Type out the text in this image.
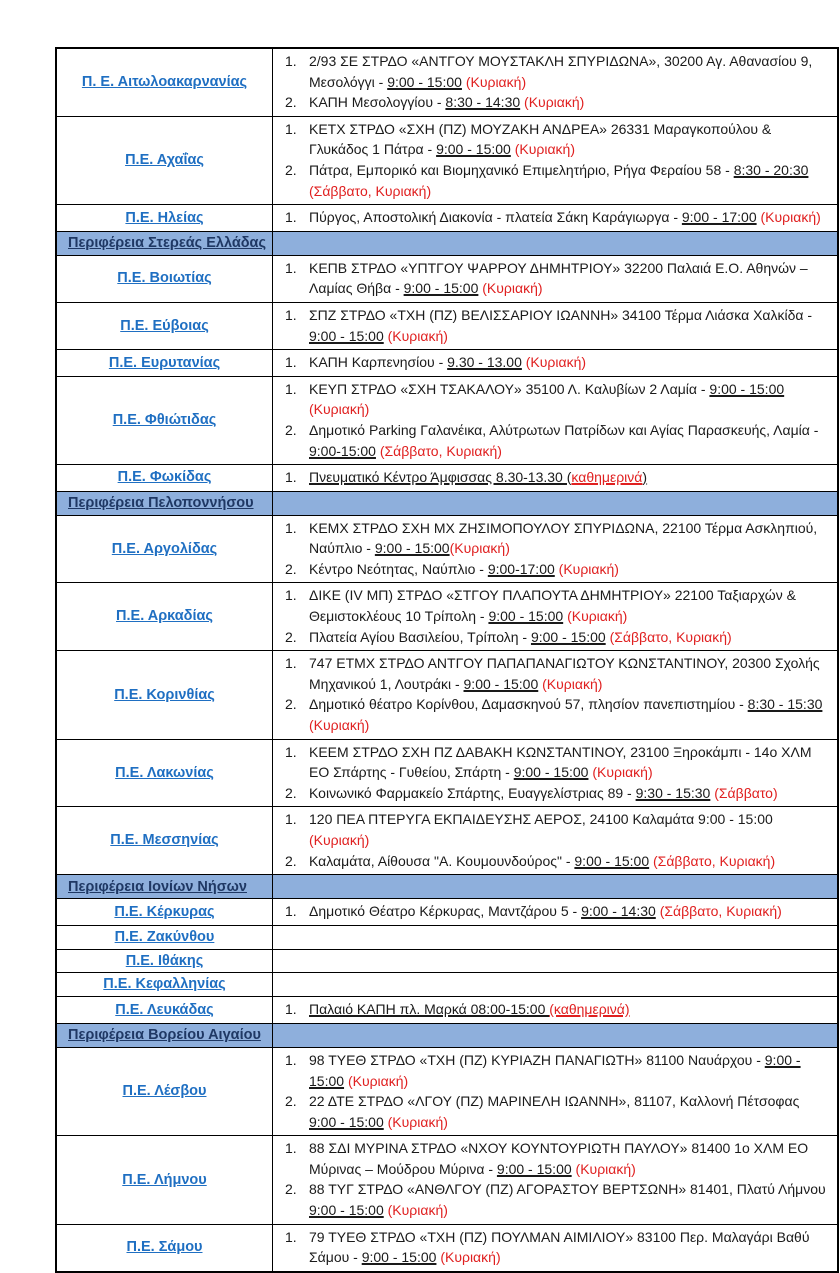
Π. Ε. Αιτωλοακαρνανίας
1. 2/93 ΣΕ ΣΤΡΔΟ «ΑΝΤΓΟΥ ΜΟΥΣΤΑΚΛΗ ΣΠΥΡΙΔΩΝΑ», 30200 Αγ. Αθανασίου 9, Μεσολόγγι - 9:00 - 15:00 (Κυριακή)
2. ΚΑΠΗ Μεσολογγίου - 8:30 - 14:30 (Κυριακή)
Π.Ε. Αχαΐας
1. ΚΕΤΧ ΣΤΡΔΟ «ΣΧΗ (ΠΖ) ΜΟΥΖΑΚΗ ΑΝΔΡΕΑ» 26331 Μαραγκοπούλου & Γλυκάδος 1 Πάτρα - 9:00 - 15:00 (Κυριακή)
2. Πάτρα, Εμπορικό και Βιομηχανικό Επιμελητήριο, Ρήγα Φεραίου 58 - 8:30 - 20:30 (Σάββατο, Κυριακή)
Π.Ε. Ηλείας	1. Πύργος, Αποστολική Διακονία - πλατεία Σάκη Καράγιωργα - 9:00 - 17:00 (Κυριακή)
Περιφέρεια Στερεάς Ελλάδας
Π.Ε. Βοιωτίας
1. ΚΕΠΒ ΣΤΡΔΟ «ΥΠΤΓΟΥ ΨΑΡΡΟΥ ΔΗΜΗΤΡΙΟΥ» 32200 Παλαιά Ε.Ο. Αθηνών – Λαμίας Θήβα - 9:00 - 15:00 (Κυριακή)
Π.Ε. Εύβοιας
1. ΣΠΖ ΣΤΡΔΟ «ΤΧΗ (ΠΖ) ΒΕΛΙΣΣΑΡΙΟΥ ΙΩΑΝΝΗ» 34100 Τέρμα Λιάσκα Χαλκίδα - 9:00 - 15:00 (Κυριακή)
Π.Ε. Ευρυτανίας	1. ΚΑΠΗ Καρπενησίου - 9.30 - 13.00 (Κυριακή)
Π.Ε. Φθιώτιδας
1. ΚΕΥΠ ΣΤΡΔΟ «ΣΧΗ ΤΣΑΚΑΛΟΥ» 35100 Λ. Καλυβίων 2 Λαμία - 9:00 - 15:00 (Κυριακή)
2. Δημοτικό Parking Γαλανέικα, Αλύτρωτων Πατρίδων και Αγίας Παρασκευής, Λαμία - 9:00-15:00 (Σάββατο, Κυριακή)
Π.Ε. Φωκίδας	1. Πνευματικό Κέντρο Άμφισσας 8.30-13.30 (καθημερινά)
Περιφέρεια Πελοποννήσου
Π.Ε. Αργολίδας
1. ΚΕΜΧ ΣΤΡΔΟ ΣΧΗ ΜΧ ΖΗΣΙΜΟΠΟΥΛΟΥ ΣΠΥΡΙΔΩΝΑ, 22100 Τέρμα Ασκληπιού, Ναύπλιο - 9:00 - 15:00(Κυριακή)
2. Κέντρο Νεότητας, Ναύπλιο - 9:00-17:00 (Κυριακή)
Π.Ε. Αρκαδίας
1. ΔΙΚΕ (IV ΜΠ) ΣΤΡΔΟ «ΣΤΓΟΥ ΠΛΑΠΟΥΤΑ ΔΗΜΗΤΡΙΟΥ» 22100 Ταξιαρχών & Θεμιστοκλέους 10 Τρίπολη - 9:00 - 15:00 (Κυριακή)
2. Πλατεία Αγίου Βασιλείου, Τρίπολη - 9:00 - 15:00 (Σάββατο, Κυριακή)
Π.Ε. Κορινθίας
1. 747 ΕΤΜΧ ΣΤΡΔΟ ΑΝΤΓΟΥ ΠΑΠΑΠΑΝΑΓΙΩΤΟΥ ΚΩΝΣΤΑΝΤΙΝΟΥ, 20300 Σχολής Μηχανικού 1, Λουτράκι - 9:00 - 15:00 (Κυριακή)
2. Δημοτικό θέατρο Κορίνθου, Δαμασκηνού 57, πλησίον πανεπιστημίου - 8:30 - 15:30 (Κυριακή)
Π.Ε. Λακωνίας
1. ΚΕΕΜ ΣΤΡΔΟ ΣΧΗ ΠΖ ΔΑΒΑΚΗ ΚΩΝΣΤΑΝΤΙΝΟΥ, 23100 Ξηροκάμπι - 14ο ΧΛΜ ΕΟ Σπάρτης - Γυθείου, Σπάρτη - 9:00 - 15:00 (Κυριακή)
2. Κοινωνικό Φαρμακείο Σπάρτης, Ευαγγελίστριας 89 - 9:30 - 15:30 (Σάββατο)
Π.Ε. Μεσσηνίας
1. 120 ΠΕΑ ΠΤΕΡΥΓΑ ΕΚΠΑΙΔΕΥΣΗΣ ΑΕΡΟΣ, 24100 Καλαμάτα 9:00 - 15:00 (Κυριακή)
2. Καλαμάτα, Αίθουσα "Α. Κουμουνδούρος" - 9:00 - 15:00 (Σάββατο, Κυριακή)
Περιφέρεια Ιονίων Νήσων
Π.Ε. Κέρκυρας	1. Δημοτικό Θέατρο Κέρκυρας, Μαντζάρου 5 - 9:00 - 14:30 (Σάββατο, Κυριακή)
Π.Ε. Ζακύνθου
Π.Ε. Ιθάκης
Π.Ε. Κεφαλληνίας
Π.Ε. Λευκάδας	1. Παλαιό ΚΑΠΗ πλ. Μαρκά 08:00-15:00 (καθημερινά)
Περιφέρεια Βορείου Αιγαίου
Π.Ε. Λέσβου
1. 98 ΤΥΕΘ ΣΤΡΔΟ «ΤΧΗ (ΠΖ) ΚΥΡΙΑΖΗ ΠΑΝΑΓΙΩΤΗ» 81100 Ναυάρχου - 9:00 - 15:00 (Κυριακή)
2. 22 ΔΤΕ ΣΤΡΔΟ «ΛΓΟΥ (ΠΖ) ΜΑΡΙΝΕΛΗ ΙΩΑΝΝΗ», 81107, Καλλονή Πέτσοφας 9:00 - 15:00 (Κυριακή)
Π.Ε. Λήμνου
1. 88 ΣΔΙ ΜΥΡΙΝΑ ΣΤΡΔΟ «ΝΧΟΥ ΚΟΥΝΤΟΥΡΙΩΤΗ ΠΑΥΛΟΥ» 81400 1ο ΧΛΜ ΕΟ Μύρινας – Μούδρου Μύρινα - 9:00 - 15:00 (Κυριακή)
2. 88 ΤΥΓ ΣΤΡΔΟ «ΑΝΘΛΓΟΥ (ΠΖ) ΑΓΟΡΑΣΤΟΥ ΒΕΡΤΣΩΝΗ» 81401, Πλατύ Λήμνου 9:00 - 15:00 (Κυριακή)
Π.Ε. Σάμου
1. 79 ΤΥΕΘ ΣΤΡΔΟ «ΤΧΗ (ΠΖ) ΠΟΥΛΜΑΝ ΑΙΜΙΛΙΟΥ» 83100 Περ. Μαλαγάρι Βαθύ Σάμου - 9:00 - 15:00 (Κυριακή)
